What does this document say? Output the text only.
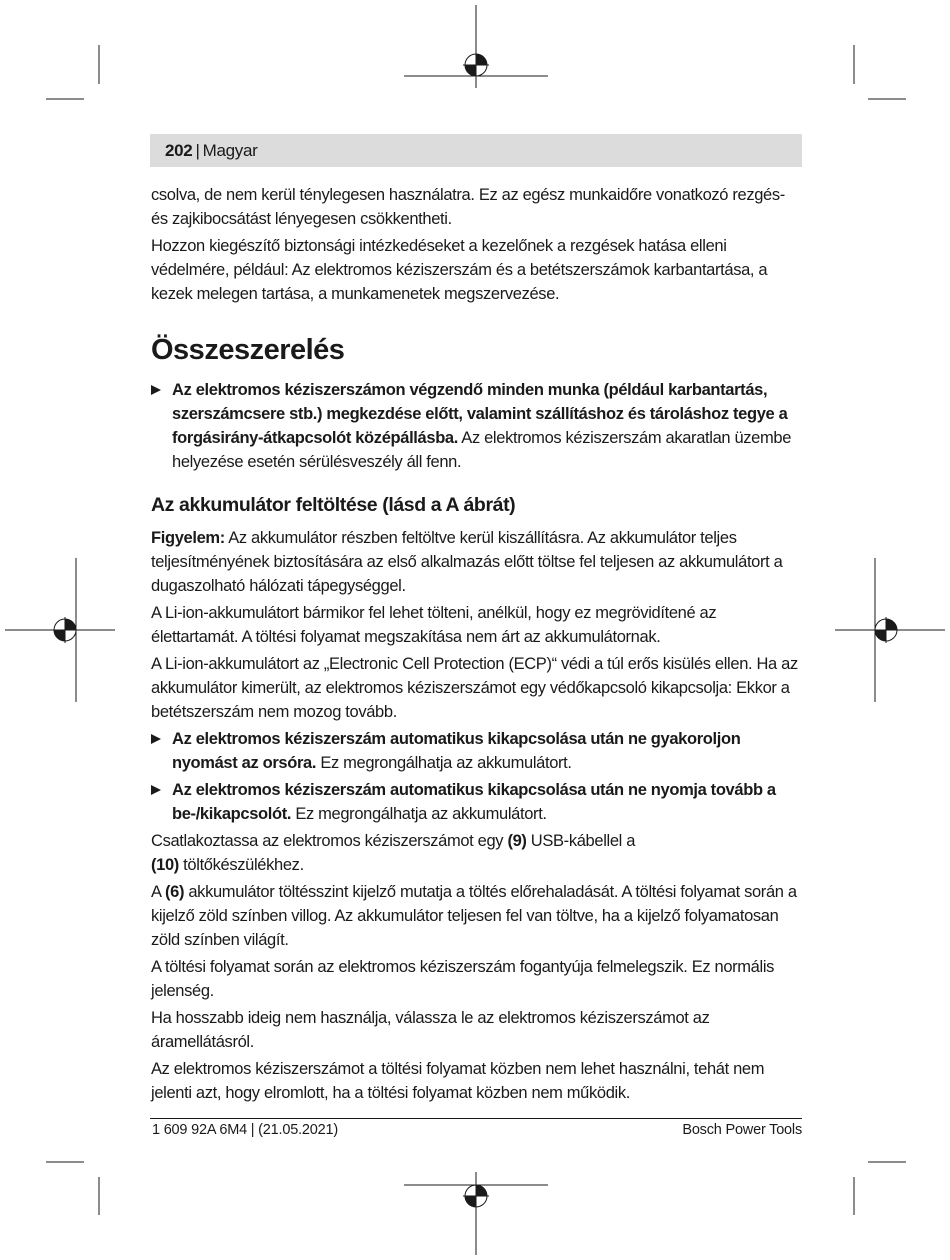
202 | Magyar

csolva, de nem kerül ténylegesen használatra. Ez az egész munkaidőre vonatkozó rezgés- és zajkibocsátást lényegesen csökkentheti.

Hozzon kiegészítő biztonsági intézkedéseket a kezelőnek a rezgések hatása elleni védelmére, például: Az elektromos kéziszerszám és a betétszerszámok karbantartása, a kezek melegen tartása, a munkamenetek megszervezése.

Összeszerelés
Az elektromos kéziszerszámon végzendő minden munka (például karbantartás, szerszámcsere stb.) megkezdése előtt, valamint szállításhoz és tároláshoz tegye a forgásirány-átkapcsolót középállásba. Az elektromos kéziszerszám akaratlan üzembe helyezése esetén sérülésveszély áll fenn.
Az akkumulátor feltöltése (lásd a A ábrát)

Figyelem: Az akkumulátor részben feltöltve kerül kiszállításra. Az akkumulátor teljes teljesítményének biztosítására az első alkalmazás előtt töltse fel teljesen az akkumulátort a dugaszolható hálózati tápegységgel.

A Li-ion-akkumulátort bármikor fel lehet tölteni, anélkül, hogy ez megrövidítené az élettartamát. A töltési folyamat megszakítása nem árt az akkumulátornak.

A Li-ion-akkumulátort az „Electronic Cell Protection (ECP)“ védi a túl erős kisülés ellen. Ha az akkumulátor kimerült, az elektromos kéziszerszámot egy védőkapcsoló kikapcsolja: Ekkor a betétszerszám nem mozog tovább.

Az elektromos kéziszerszám automatikus kikapcsolása után ne gyakoroljon nyomást az orsóra. Ez megrongálhatja az akkumulátort.
Az elektromos kéziszerszám automatikus kikapcsolása után ne nyomja tovább a be-/kikapcsolót. Ez megrongálhatja az akkumulátort.

Csatlakoztassa az elektromos kéziszerszámot egy (9) USB-kábellel a
(10) töltőkészülékhez.

A (6) akkumulátor töltésszint kijelző mutatja a töltés előrehaladását. A töltési folyamat során a kijelző zöld színben villog. Az akkumulátor teljesen fel van töltve, ha a kijelző folyamatosan zöld színben világít.

A töltési folyamat során az elektromos kéziszerszám fogantyúja felmelegszik. Ez normális jelenség.

Ha hosszabb ideig nem használja, válassza le az elektromos kéziszerszámot az áramellátásról.

Az elektromos kéziszerszámot a töltési folyamat közben nem lehet használni, tehát nem jelenti azt, hogy elromlott, ha a töltési folyamat közben nem működik.

1 609 92A 6M4 | (21.05.2021)	Bosch Power Tools
